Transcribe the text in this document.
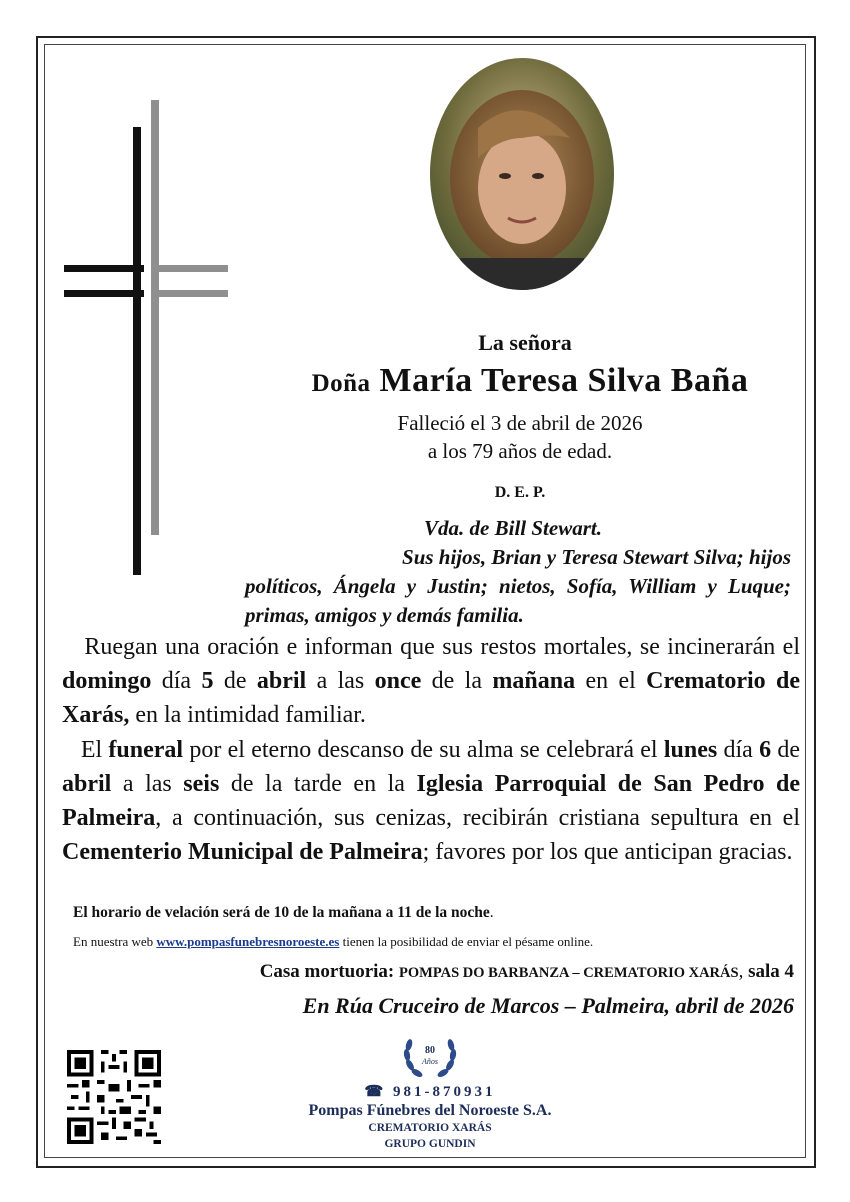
La señora
Doña María Teresa Silva Baña
Falleció el 3 de abril de 2026
a los 79 años de edad.
D. E. P.
Vda. de Bill Stewart.
Sus hijos, Brian y Teresa Stewart Silva; hijos
políticos, Ángela y Justin; nietos, Sofía, William y Luque; primas, amigos y demás familia.
Ruegan una oración e informan que sus restos mortales, se incinerarán el domingo día 5 de abril a las once de la mañana en el Crematorio de Xarás, en la intimidad familiar.
El funeral por el eterno descanso de su alma se celebrará el lunes día 6 de abril a las seis de la tarde en la Iglesia Parroquial de San Pedro de Palmeira, a continuación, sus cenizas, recibirán cristiana sepultura en el Cementerio Municipal de Palmeira; favores por los que anticipan gracias.
El horario de velación será de 10 de la mañana a 11 de la noche.
En nuestra web www.pompasfunebresnoroeste.es tienen la posibilidad de enviar el pésame online.
Casa mortuoria: POMPAS DO BARBANZA – CREMATORIO XARÁS, sala 4
En Rúa Cruceiro de Marcos – Palmeira, abril de 2026
80
Años
☎ 981-870931
Pompas Fúnebres del Noroeste S.A.
CREMATORIO XARÁS
GRUPO GUNDIN
